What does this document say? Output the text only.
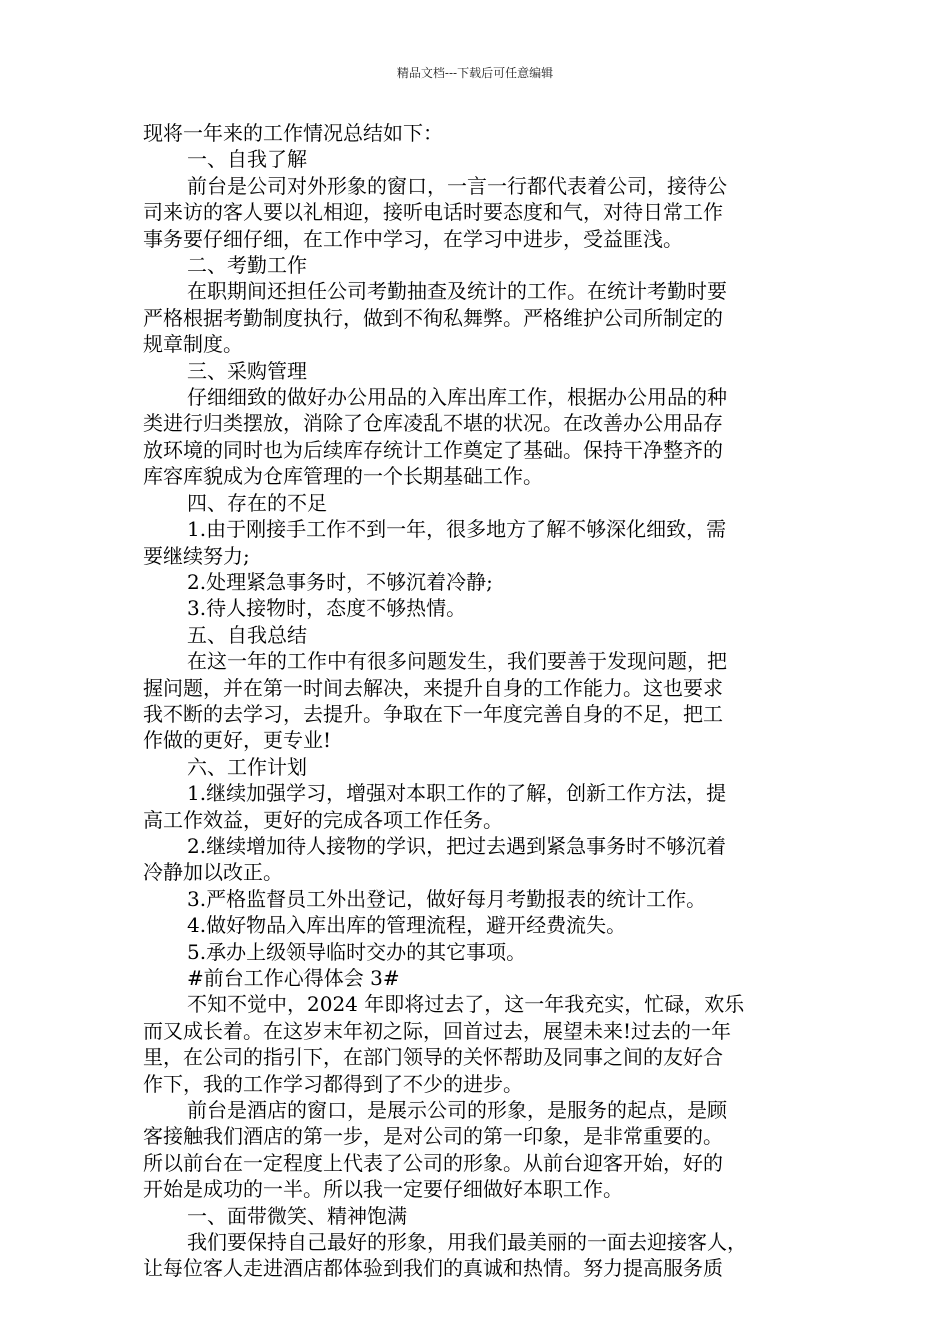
精品文档---下载后可任意编辑

现将一年来的工作情况总结如下：

一、自我了解

前台是公司对外形象的窗口，一言一行都代表着公司，接待公

司来访的客人要以礼相迎，接听电话时要态度和气，对待日常工作

事务要仔细仔细，在工作中学习，在学习中进步，受益匪浅。

二、考勤工作

在职期间还担任公司考勤抽查及统计的工作。在统计考勤时要

严格根据考勤制度执行，做到不徇私舞弊。严格维护公司所制定的

规章制度。

三、采购管理

仔细细致的做好办公用品的入库出库工作，根据办公用品的种

类进行归类摆放，消除了仓库凌乱不堪的状况。在改善办公用品存

放环境的同时也为后续库存统计工作奠定了基础。保持干净整齐的

库容库貌成为仓库管理的一个长期基础工作。

四、存在的不足

1.由于刚接手工作不到一年，很多地方了解不够深化细致，需

要继续努力;

2.处理紧急事务时，不够沉着冷静;

3.待人接物时，态度不够热情。

五、自我总结

在这一年的工作中有很多问题发生，我们要善于发现问题，把

握问题，并在第一时间去解决，来提升自身的工作能力。这也要求

我不断的去学习，去提升。争取在下一年度完善自身的不足，把工

作做的更好，更专业!

六、工作计划

1.继续加强学习，增强对本职工作的了解，创新工作方法，提

高工作效益，更好的完成各项工作任务。

2.继续增加待人接物的学识，把过去遇到紧急事务时不够沉着

冷静加以改正。

3.严格监督员工外出登记，做好每月考勤报表的统计工作。

4.做好物品入库出库的管理流程，避开经费流失。

5.承办上级领导临时交办的其它事项。

#前台工作心得体会 3#

不知不觉中，2024 年即将过去了，这一年我充实，忙碌，欢乐

而又成长着。在这岁末年初之际，回首过去，展望未来!过去的一年

里，在公司的指引下，在部门领导的关怀帮助及同事之间的友好合

作下，我的工作学习都得到了不少的进步。

前台是酒店的窗口，是展示公司的形象，是服务的起点，是顾

客接触我们酒店的第一步，是对公司的第一印象，是非常重要的。

所以前台在一定程度上代表了公司的形象。从前台迎客开始，好的

开始是成功的一半。所以我一定要仔细做好本职工作。

一、面带微笑、精神饱满

我们要保持自己最好的形象，用我们最美丽的一面去迎接客人，

让每位客人走进酒店都体验到我们的真诚和热情。努力提高服务质
